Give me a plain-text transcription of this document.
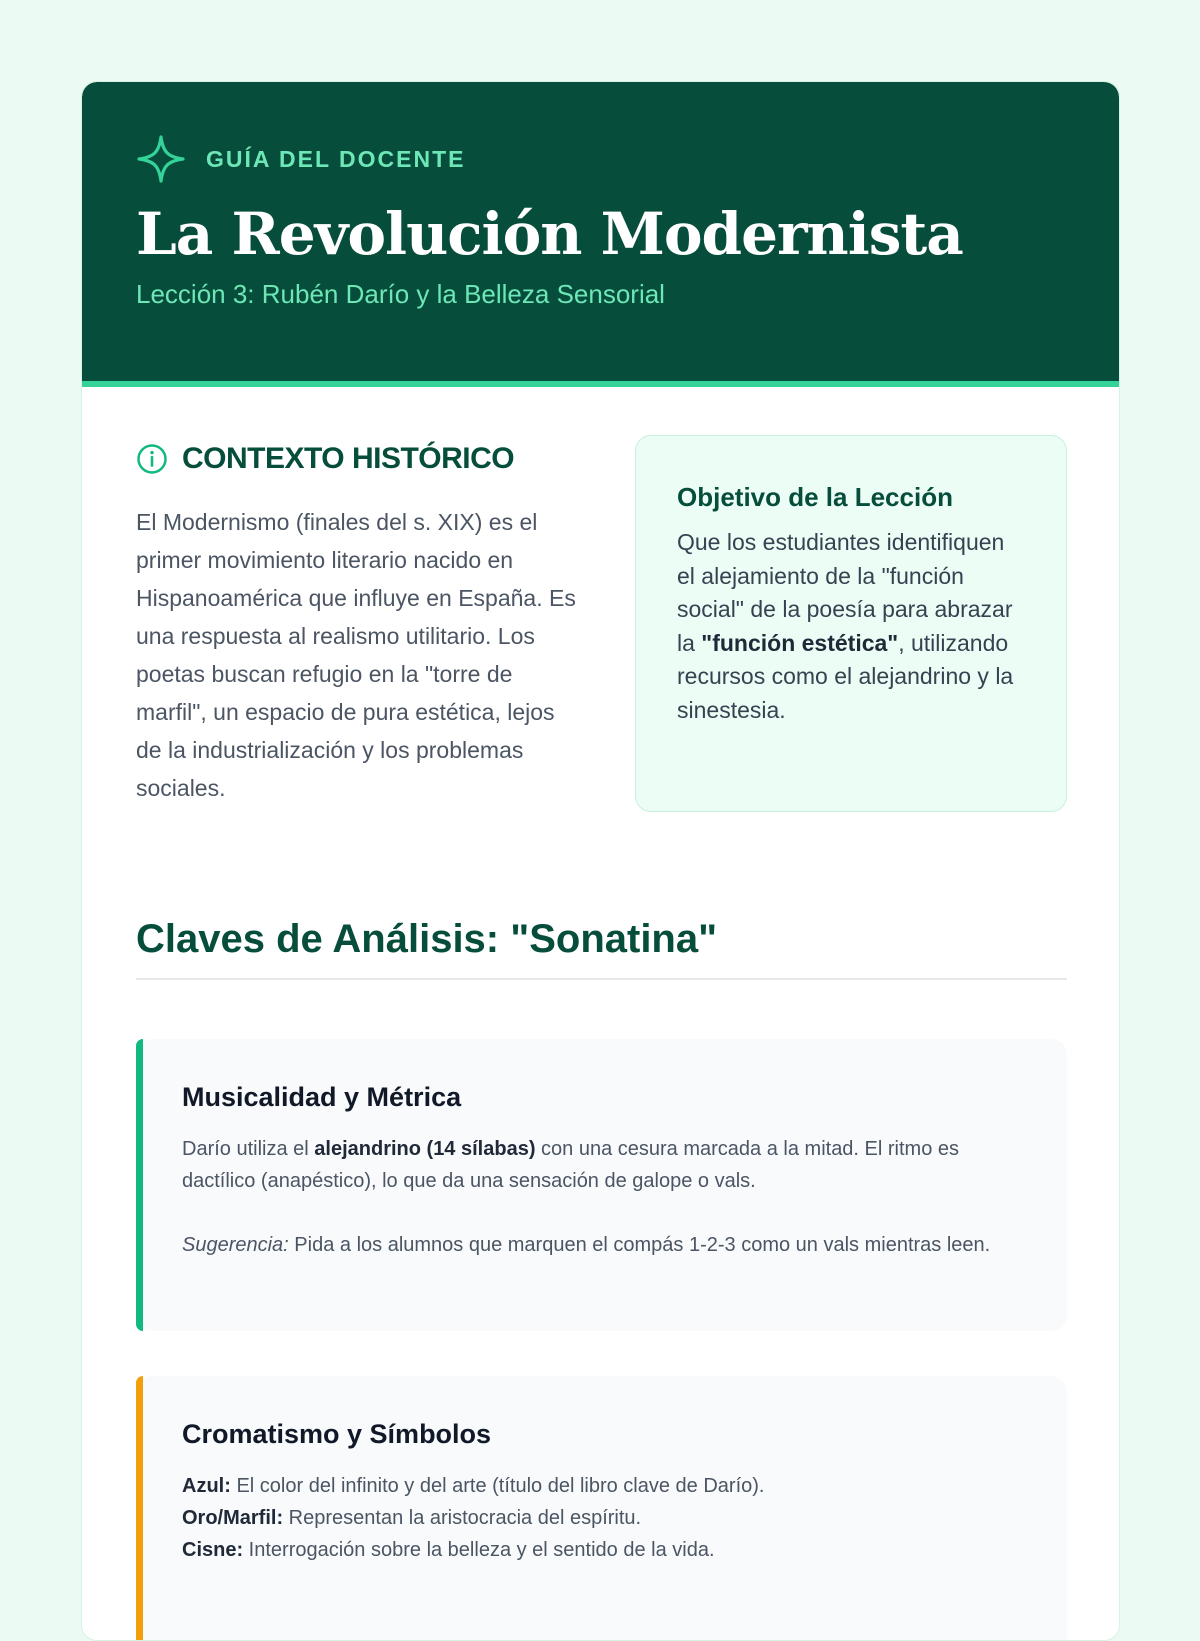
GUÍA DEL DOCENTE
La Revolución Modernista
Lección 3: Rubén Darío y la Belleza Sensorial
CONTEXTO HISTÓRICO
El Modernismo (finales del s. XIX) es el primer movimiento literario nacido en Hispanoamérica que influye en España. Es una respuesta al realismo utilitario. Los poetas buscan refugio en la "torre de marfil", un espacio de pura estética, lejos de la industrialización y los problemas sociales.
Objetivo de la Lección
Que los estudiantes identifiquen el alejamiento de la "función social" de la poesía para abrazar la "función estética", utilizando recursos como el alejandrino y la sinestesia.
Claves de Análisis: "Sonatina"
Musicalidad y Métrica
Darío utiliza el alejandrino (14 sílabas) con una cesura marcada a la mitad. El ritmo es dactílico (anapéstico), lo que da una sensación de galope o vals.
Sugerencia: Pida a los alumnos que marquen el compás 1-2-3 como un vals mientras leen.
Cromatismo y Símbolos
Azul: El color del infinito y del arte (título del libro clave de Darío).
Oro/Marfil: Representan la aristocracia del espíritu.
Cisne: Interrogación sobre la belleza y el sentido de la vida.
